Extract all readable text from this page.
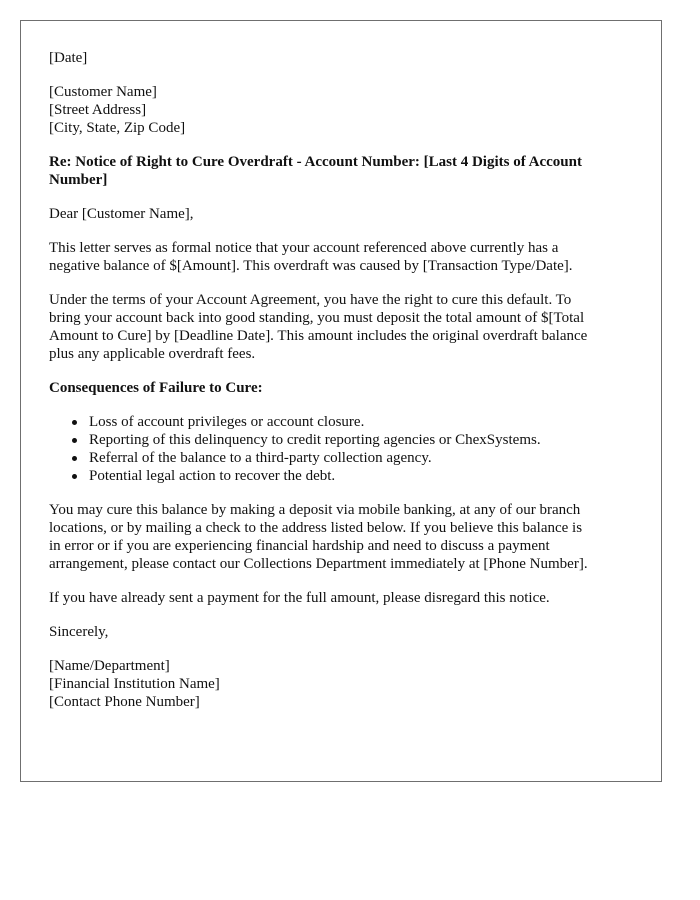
[Date]
[Customer Name]
[Street Address]
[City, State, Zip Code]
Re: Notice of Right to Cure Overdraft - Account Number: [Last 4 Digits of Account
Number]
Dear [Customer Name],
This letter serves as formal notice that your account referenced above currently has a
negative balance of $[Amount]. This overdraft was caused by [Transaction Type/Date].
Under the terms of your Account Agreement, you have the right to cure this default. To
bring your account back into good standing, you must deposit the total amount of $[Total
Amount to Cure] by [Deadline Date]. This amount includes the original overdraft balance
plus any applicable overdraft fees.
Consequences of Failure to Cure:
Loss of account privileges or account closure.
Reporting of this delinquency to credit reporting agencies or ChexSystems.
Referral of the balance to a third-party collection agency.
Potential legal action to recover the debt.
You may cure this balance by making a deposit via mobile banking, at any of our branch
locations, or by mailing a check to the address listed below. If you believe this balance is
in error or if you are experiencing financial hardship and need to discuss a payment
arrangement, please contact our Collections Department immediately at [Phone Number].
If you have already sent a payment for the full amount, please disregard this notice.
Sincerely,
[Name/Department]
[Financial Institution Name]
[Contact Phone Number]
